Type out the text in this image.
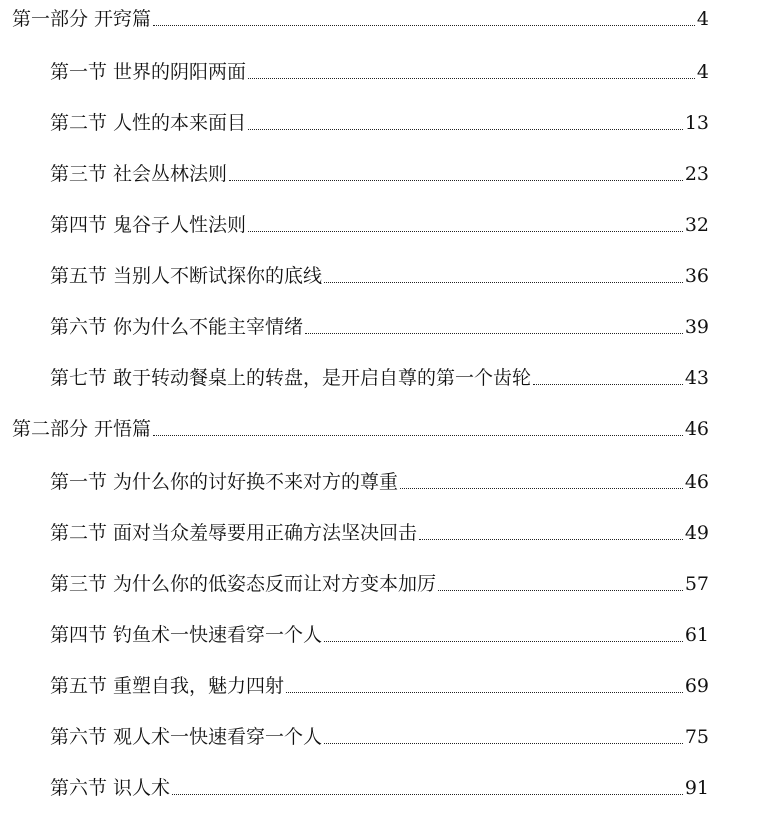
第一部分 开窍篇	4
第一节 世界的阴阳两面	4
第二节 人性的本来面目	13
第三节 社会丛林法则	23
第四节 鬼谷子人性法则	32
第五节 当别人不断试探你的底线	36
第六节 你为什么不能主宰情绪	39
第七节 敢于转动餐桌上的转盘，是开启自尊的第一个齿轮	43
第二部分 开悟篇	46
第一节 为什么你的讨好换不来对方的尊重	46
第二节 面对当众羞辱要用正确方法坚决回击	49
第三节 为什么你的低姿态反而让对方变本加厉	57
第四节 钓鱼术一快速看穿一个人	61
第五节 重塑自我，魅力四射	69
第六节 观人术一快速看穿一个人	75
第六节 识人术	91
